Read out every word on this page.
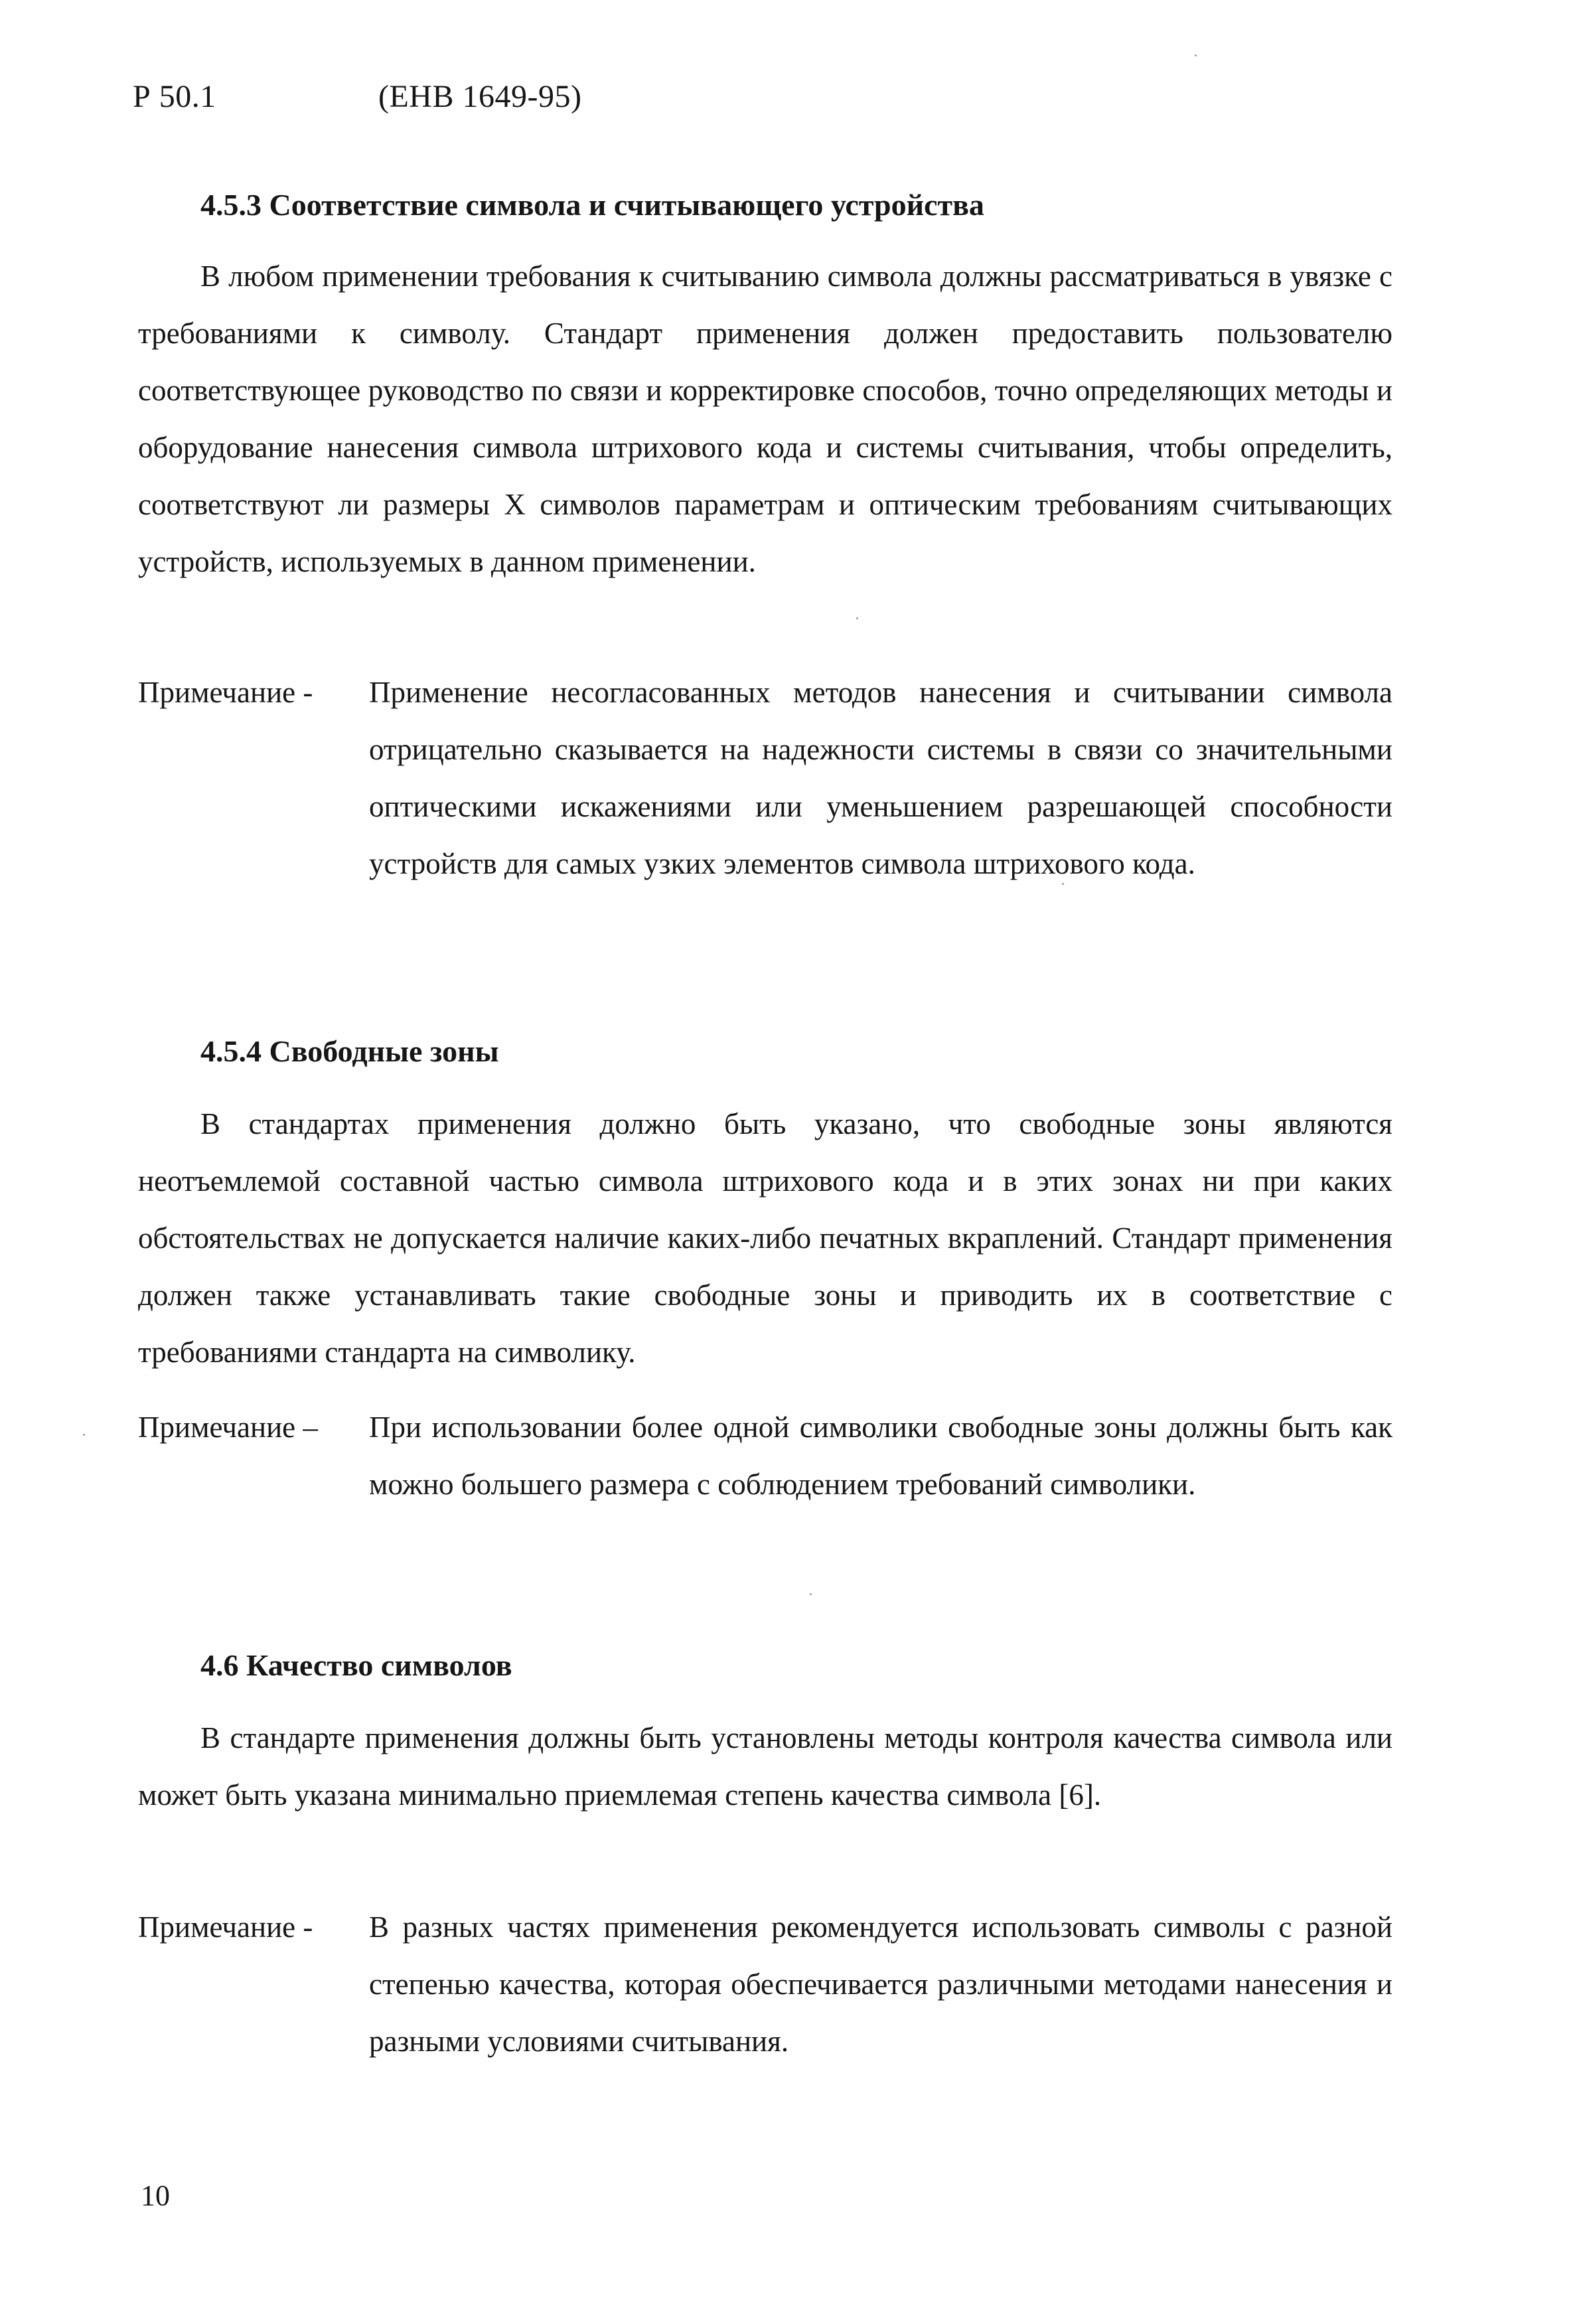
Р 50.1	(EHB 1649-95)
4.5.3 Соответствие символа и считывающего устройства

В любом применении требования к считыванию символа должны рассматриваться в увязке с требованиями к символу. Стандарт применения должен предоставить пользователю соответствующее руководство по связи и корректировке способов, точно определяющих методы и оборудование нанесения символа штрихового кода и системы считывания, чтобы определить, соответствуют ли размеры X символов параметрам и оптическим требованиям считывающих устройств, используемых в данном применении.

Примечание - Применение несогласованных методов нанесения и считывании символа отрицательно сказывается на надежности системы в связи со значительными оптическими искажениями или уменьшением разрешающей способности устройств для самых узких элементов символа штрихового кода.
4.5.4 Свободные зоны

В стандартах применения должно быть указано, что свободные зоны являются неотъемлемой составной частью символа штрихового кода и в этих зонах ни при каких обстоятельствах не допускается наличие каких-либо печатных вкраплений. Стандарт применения должен также устанавливать такие свободные зоны и приводить их в соответствие с требованиями стандарта на символику.

Примечание – При использовании более одной символики свободные зоны должны быть как можно большего размера с соблюдением требований символики.
4.6 Качество символов

В стандарте применения должны быть установлены методы контроля качества символа или может быть указана минимально приемлемая степень качества символа [6].

Примечание - В разных частях применения рекомендуется использовать символы с разной степенью качества, которая обеспечивается различными методами нанесения и разными условиями считывания.
10
